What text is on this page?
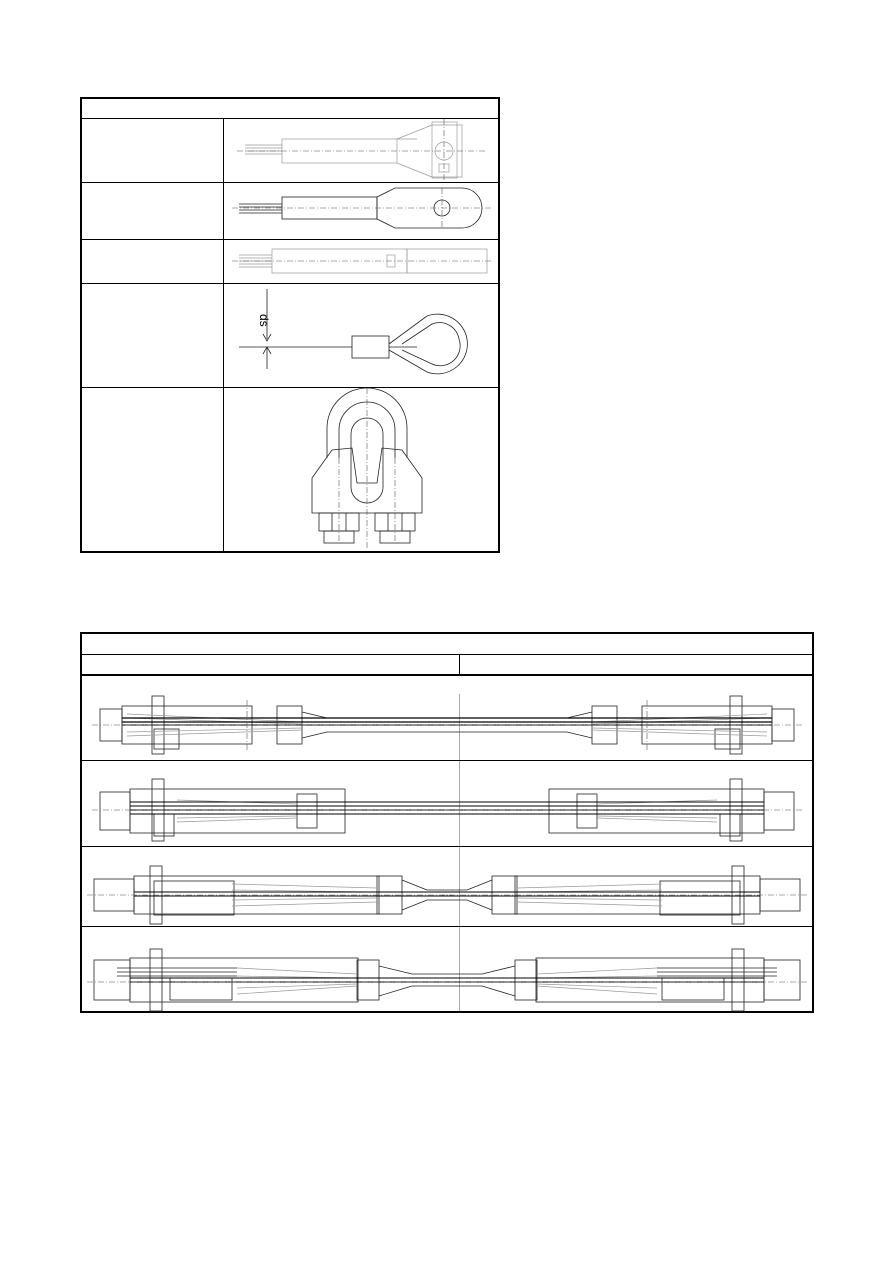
ds
